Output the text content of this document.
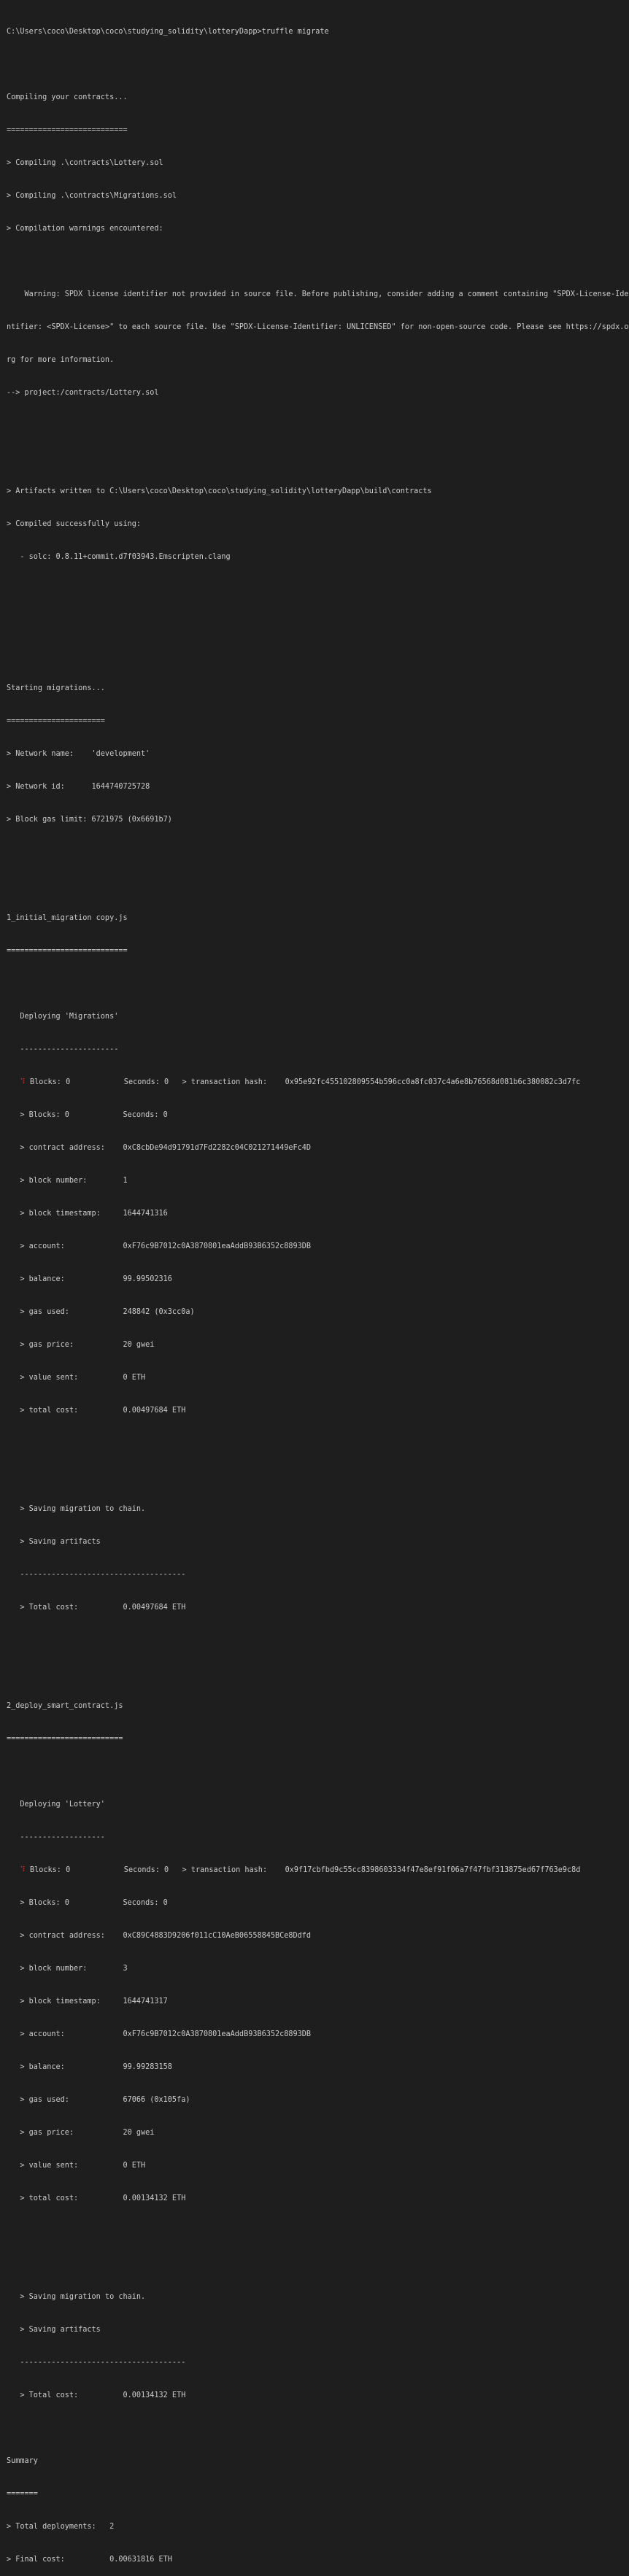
C:\Users\coco\Desktop\coco\studying_solidity\lotteryDapp>truffle migrate

Compiling your contracts...

===========================

> Compiling .\contracts\Lottery.sol

> Compiling .\contracts\Migrations.sol

> Compilation warnings encountered:

Warning: SPDX license identifier not provided in source file. Before publishing, consider adding a comment containing "SPDX-License-Ide

ntifier: <SPDX-License>" to each source file. Use "SPDX-License-Identifier: UNLICENSED" for non-open-source code. Please see https://spdx.o

rg for more information.

--> project:/contracts/Lottery.sol

> Artifacts written to C:\Users\coco\Desktop\coco\studying_solidity\lotteryDapp\build\contracts

> Compiled successfully using:

- solc: 0.8.11+commit.d7f03943.Emscripten.clang

Starting migrations...

======================

> Network name:    'development'

> Network id:      1644740725728

> Block gas limit: 6721975 (0x6691b7)

1_initial_migration copy.js

===========================

Deploying 'Migrations'

----------------------

⠹ Blocks: 0            Seconds: 0   > transaction hash:    0x95e92fc455102809554b596cc0a8fc037c4a6e8b76568d081b6c380082c3d7fc

> Blocks: 0            Seconds: 0

> contract address:    0xC8cbDe94d91791d7Fd2282c04C021271449eFc4D

> block number:        1

> block timestamp:     1644741316

> account:             0xF76c9B7012c0A3870801eaAddB93B6352c8893DB

> balance:             99.99502316

> gas used:            248842 (0x3cc0a)

> gas price:           20 gwei

> value sent:          0 ETH

> total cost:          0.00497684 ETH

> Saving migration to chain.

> Saving artifacts

-------------------------------------

> Total cost:          0.00497684 ETH

2_deploy_smart_contract.js

==========================

Deploying 'Lottery'

-------------------

⠹ Blocks: 0            Seconds: 0   > transaction hash:    0x9f17cbfbd9c55cc8398603334f47e8ef91f06a7f47fbf313875ed67f763e9c8d

> Blocks: 0            Seconds: 0

> contract address:    0xC89C4883D9206f011cC10AeB06558845BCe8Ddfd

> block number:        3

> block timestamp:     1644741317

> account:             0xF76c9B7012c0A3870801eaAddB93B6352c8893DB

> balance:             99.99283158

> gas used:            67066 (0x105fa)

> gas price:           20 gwei

> value sent:          0 ETH

> total cost:          0.00134132 ETH

> Saving migration to chain.

> Saving artifacts

-------------------------------------

> Total cost:          0.00134132 ETH

Summary

=======

> Total deployments:   2

> Final cost:          0.00631816 ETH
